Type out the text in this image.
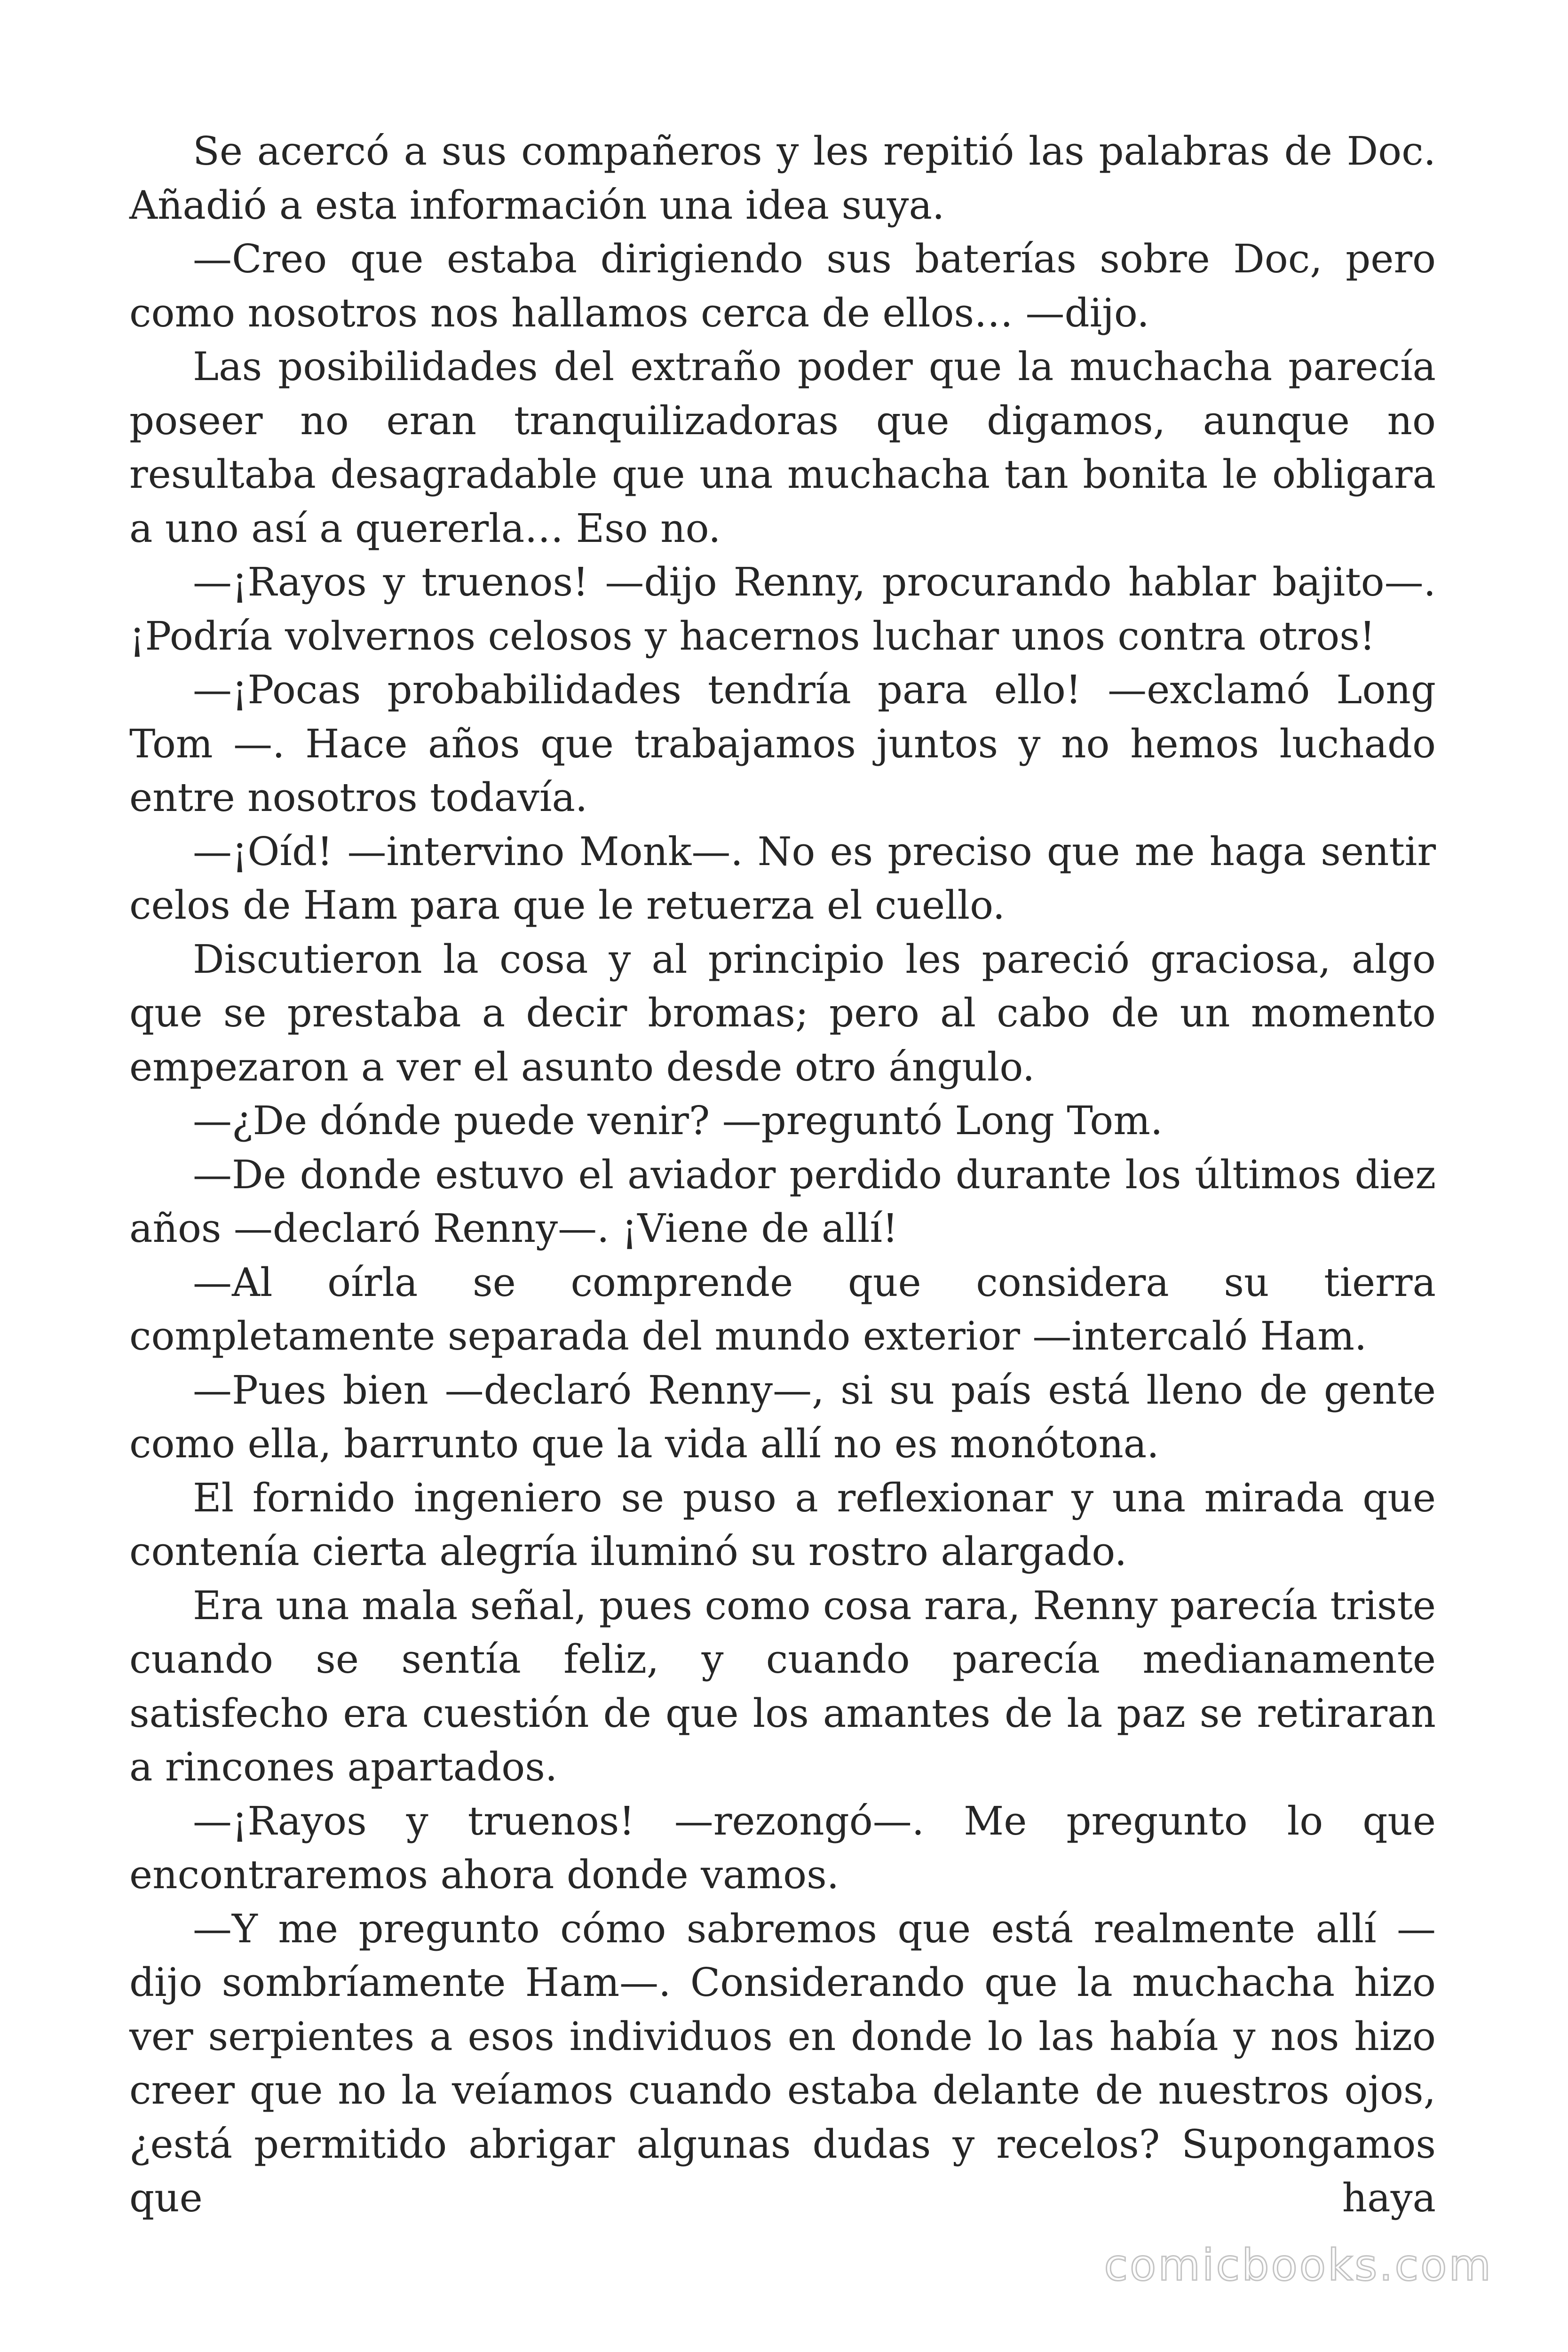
Se acercó a sus compañeros y les repitió las palabras de Doc. Añadió a esta información una idea suya.

—Creo que estaba dirigiendo sus baterías sobre Doc, pero como nosotros nos hallamos cerca de ellos… —dijo.

Las posibilidades del extraño poder que la muchacha parecía poseer no eran tranquilizadoras que digamos, aunque no resultaba desagradable que una muchacha tan bonita le obligara a uno así a quererla… Eso no.

—¡Rayos y truenos! —dijo Renny, procurando hablar bajito—. ¡Podría volvernos celosos y hacernos luchar unos contra otros!

—¡Pocas probabilidades tendría para ello! —exclamó Long Tom —. Hace años que trabajamos juntos y no hemos luchado entre nosotros todavía.

—¡Oíd! —intervino Monk—. No es preciso que me haga sentir celos de Ham para que le retuerza el cuello.

Discutieron la cosa y al principio les pareció graciosa, algo que se prestaba a decir bromas; pero al cabo de un momento empezaron a ver el asunto desde otro ángulo.

—¿De dónde puede venir? —preguntó Long Tom.

—De donde estuvo el aviador perdido durante los últimos diez años —declaró Renny—. ¡Viene de allí!

—Al oírla se comprende que considera su tierra completamente separada del mundo exterior —intercaló Ham.

—Pues bien —declaró Renny—, si su país está lleno de gente como ella, barrunto que la vida allí no es monótona.

El fornido ingeniero se puso a reflexionar y una mirada que contenía cierta alegría iluminó su rostro alargado.

Era una mala señal, pues como cosa rara, Renny parecía triste cuando se sentía feliz, y cuando parecía medianamente satisfecho era cuestión de que los amantes de la paz se retiraran a rincones apartados.

—¡Rayos y truenos! —rezongó—. Me pregunto lo que encontraremos ahora donde vamos.

—Y me pregunto cómo sabremos que está realmente allí —dijo sombríamente Ham—. Considerando que la muchacha hizo ver serpientes a esos individuos en donde lo las había y nos hizo creer que no la veíamos cuando estaba delante de nuestros ojos, ¿está permitido abrigar algunas dudas y recelos? Supongamos que haya

comicbooks.com
